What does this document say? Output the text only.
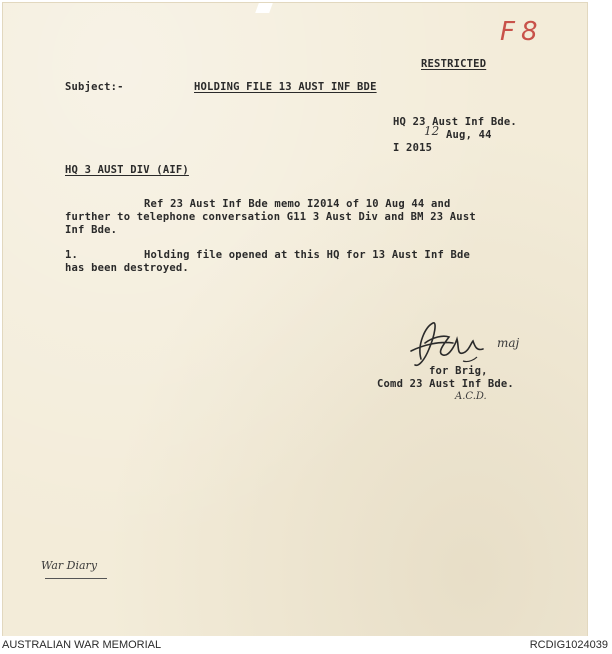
F8
RESTRICTED
Subject:-	HOLDING FILE 13 AUST INF BDE
HQ 23 Aust Inf Bde.
12 Aug, 44
I 2015
HQ 3 AUST DIV (AIF)
Ref 23 Aust Inf Bde memo I2014 of 10 Aug 44 and
further to telephone conversation G11 3 Aust Div and BM 23 Aust
Inf Bde.
1.	Holding file opened at this HQ for 13 Aust Inf Bde
has been destroyed.
maj
for Brig,
Comd 23 Aust Inf Bde.
A.C.D.
War Diary
AUSTRALIAN WAR MEMORIAL	RCDIG1024039
